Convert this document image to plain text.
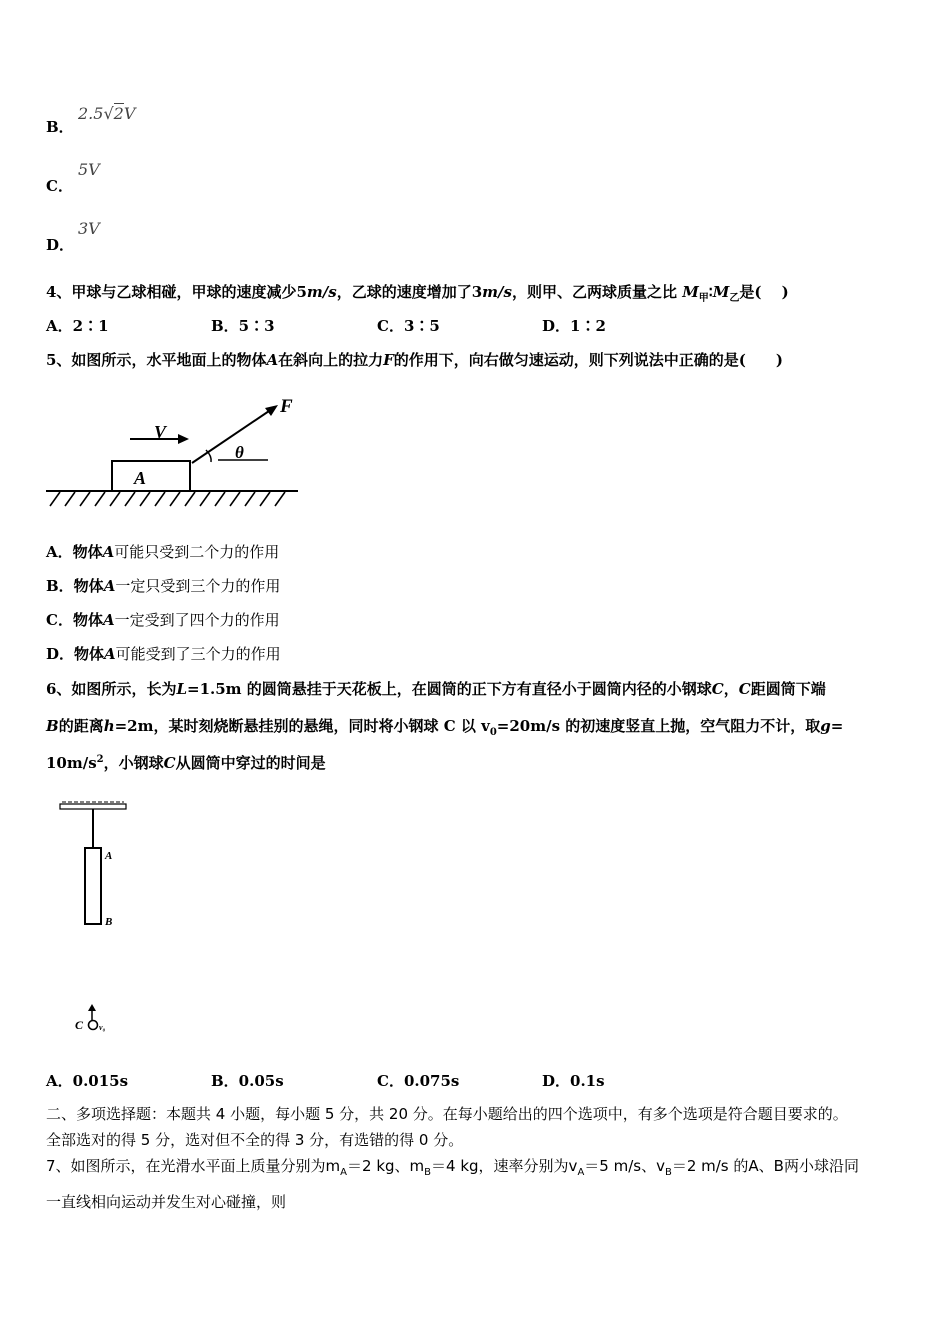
B．
2.5√2V
C．
5V
D．
3V
4、甲球与乙球相碰，甲球的速度减少5m/s，乙球的速度增加了3m/s，则甲、乙两球质量之比 $M_甲∶M_乙$是(　 )
A．2∶1	B．5∶3	C．3∶5	D．1∶2
5、如图所示，水平地面上的物体A在斜向上的拉力F的作用下，向右做匀速运动，则下列说法中正确的是(　　)
V
F
θ
A
A．物体A可能只受到二个力的作用
B．物体A一定只受到三个力的作用
C．物体A一定受到了四个力的作用
D．物体A可能受到了三个力的作用
6、如图所示，长为L=1.5m 的圆筒悬挂于天花板上，在圆筒的正下方有直径小于圆筒内径的小钢球C，C距圆筒下端
B的距离h=2m，某时刻烧断悬挂别的悬绳，同时将小钢球 C 以 $v_0=20m/s$ 的初速度竖直上抛，空气阻力不计，取g=
$10m/s^2$，小钢球C从圆筒中穿过的时间是
A
B
C v₀
A．0.015s	B．0.05s	C．0.075s	D．0.1s
二、多项选择题：本题共 4 小题，每小题 5 分，共 20 分。在每小题给出的四个选项中，有多个选项是符合题目要求的。
全部选对的得 5 分，选对但不全的得 3 分，有选错的得 0 分。
7、如图所示，在光滑水平面上质量分别为$m_A=2$ kg、$m_B=4$ kg，速率分别为$v_A=5$ m/s、$v_B=2$ m/s 的A、B两小球沿同
一直线相向运动并发生对心碰撞，则
